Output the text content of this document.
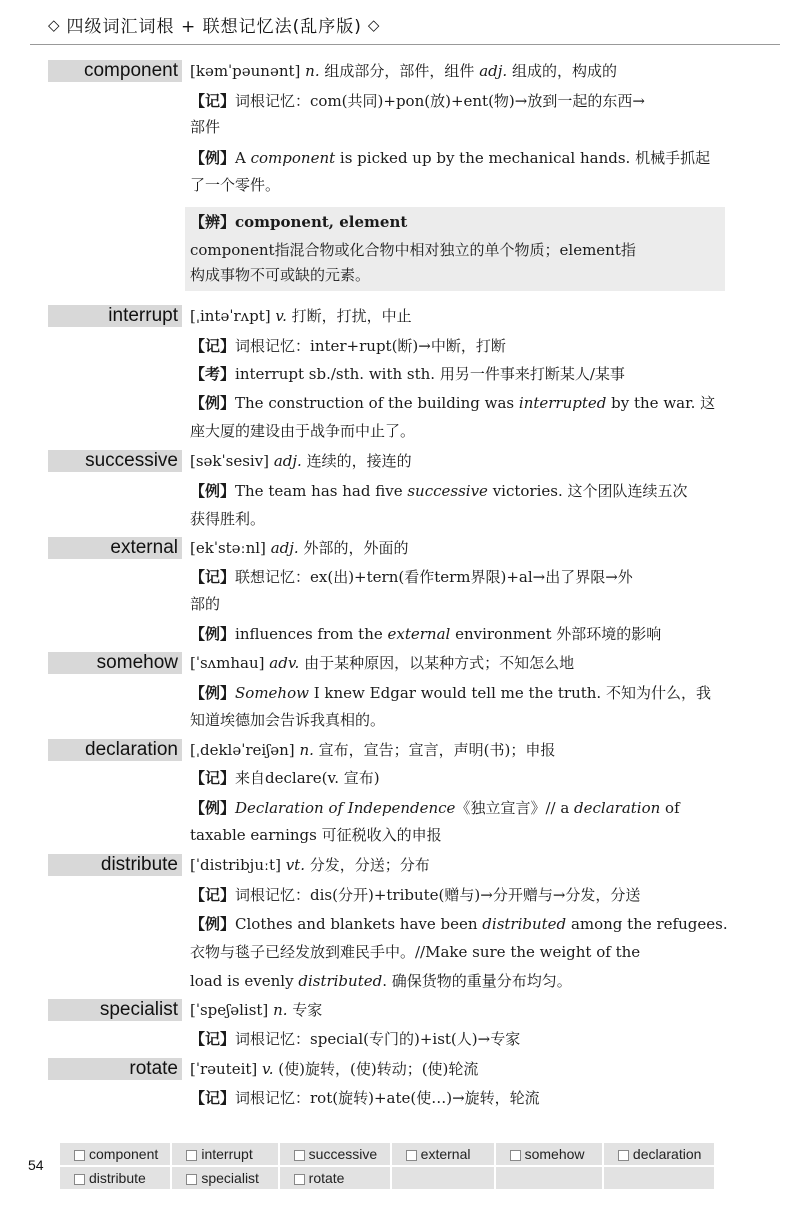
◇ 四级词汇词根 + 联想记忆法(乱序版) ◇
component [kəmˈpəunənt] n. 组成部分，部件，组件 adj. 组成的，构成的
【记】词根记忆：com(共同)+pon(放)+ent(物)→放到一起的东西→
部件
【例】A component is picked up by the mechanical hands. 机械手抓起
了一个零件。
【辨】component, element
component指混合物或化合物中相对独立的单个物质；element指
构成事物不可或缺的元素。
interrupt [ˌintəˈrʌpt] v. 打断，打扰，中止
【记】词根记忆：inter+rupt(断)→中断，打断
【考】interrupt sb./sth. with sth. 用另一件事来打断某人/某事
【例】The construction of the building was interrupted by the war. 这
座大厦的建设由于战争而中止了。
successive [səkˈsesiv] adj. 连续的，接连的
【例】The team has had five successive victories. 这个团队连续五次
获得胜利。
external [ekˈstəːnl] adj. 外部的，外面的
【记】联想记忆：ex(出)+tern(看作term界限)+al→出了界限→外
部的
【例】influences from the external environment 外部环境的影响
somehow [ˈsʌmhau] adv. 由于某种原因，以某种方式；不知怎么地
【例】Somehow I knew Edgar would tell me the truth. 不知为什么，我
知道埃德加会告诉我真相的。
declaration [ˌdekləˈreiʃən] n. 宣布，宣告；宣言，声明(书)；申报
【记】来自declare(v. 宣布)
【例】Declaration of Independence《独立宣言》// a declaration of
taxable earnings 可征税收入的申报
distribute [ˈdistribjuːt] vt. 分发，分送；分布
【记】词根记忆：dis(分开)+tribute(赠与)→分开赠与→分发，分送
【例】Clothes and blankets have been distributed among the refugees.
衣物与毯子已经发放到难民手中。//Make sure the weight of the
load is evenly distributed. 确保货物的重量分布均匀。
specialist [ˈspeʃəlist] n. 专家
【记】词根记忆：special(专门的)+ist(人)→专家
rotate [ˈrəuteit] v. (使)旋转，(使)转动；(使)轮流
【记】词根记忆：rot(旋转)+ate(使…)→旋转，轮流
54
component	interrupt	successive	external	somehow	declaration
distribute	specialist	rotate			
